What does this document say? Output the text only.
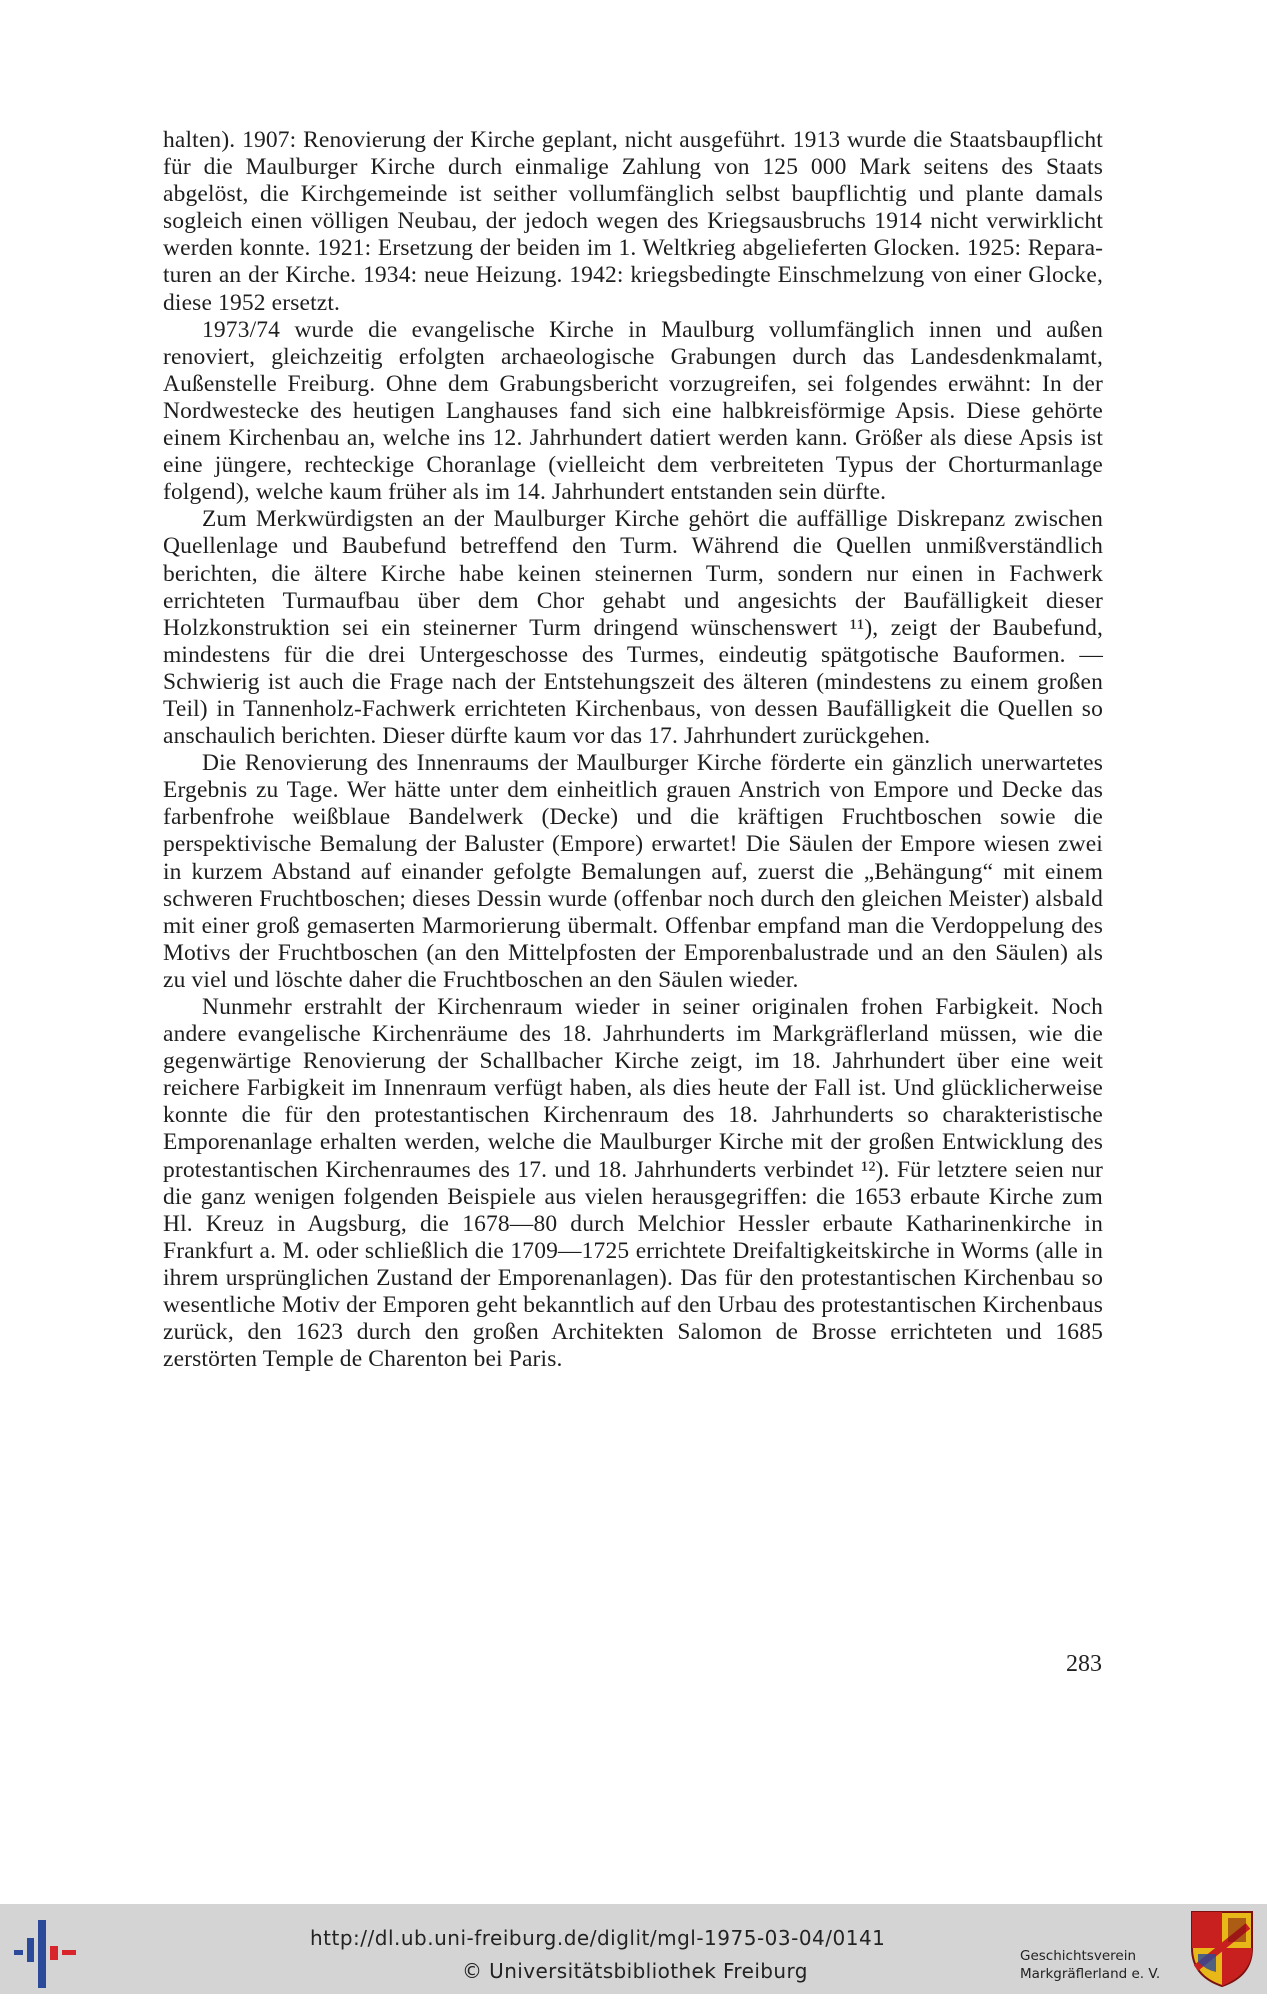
halten). 1907: Renovierung der Kirche geplant, nicht ausgeführt. 1913 wurde die Staatsbaupflicht für die Maulburger Kirche durch einmalige Zahlung von 125 000 Mark seitens des Staats abgelöst, die Kirchgemeinde ist seither vollumfänglich selbst baupflichtig und plante damals sogleich einen völligen Neubau, der jedoch wegen des Kriegsausbruchs 1914 nicht verwirklicht werden konnte. 1921: Ersetzung der beiden im 1. Weltkrieg abgelieferten Glocken. 1925: Reparaturen an der Kirche. 1934: neue Heizung. 1942: kriegsbedingte Einschmelzung von einer Glocke, diese 1952 ersetzt.

1973/74 wurde die evangelische Kirche in Maulburg vollumfänglich innen und außen renoviert, gleichzeitig erfolgten archaeologische Grabungen durch das Landesdenkmalamt, Außenstelle Freiburg. Ohne dem Grabungsbericht vorzugreifen, sei folgendes erwähnt: In der Nordwestecke des heutigen Langhauses fand sich eine halbkreisförmige Apsis. Diese gehörte einem Kirchenbau an, welche ins 12. Jahrhundert datiert werden kann. Größer als diese Apsis ist eine jüngere, rechteckige Choranlage (vielleicht dem verbreiteten Typus der Chorturmanlage folgend), welche kaum früher als im 14. Jahrhundert entstanden sein dürfte.

Zum Merkwürdigsten an der Maulburger Kirche gehört die auffällige Diskrepanz zwischen Quellenlage und Baubefund betreffend den Turm. Während die Quellen unmißverständlich berichten, die ältere Kirche habe keinen steinernen Turm, sondern nur einen in Fachwerk errichteten Turmaufbau über dem Chor gehabt und angesichts der Baufälligkeit dieser Holzkonstruktion sei ein steinerner Turm dringend wünschenswert ¹¹), zeigt der Baubefund, mindestens für die drei Untergeschosse des Turmes, eindeutig spätgotische Bauformen. — Schwierig ist auch die Frage nach der Entstehungszeit des älteren (mindestens zu einem großen Teil) in Tannenholz-Fachwerk errichteten Kirchenbaus, von dessen Baufälligkeit die Quellen so anschaulich berichten. Dieser dürfte kaum vor das 17. Jahrhundert zurückgehen.

Die Renovierung des Innenraums der Maulburger Kirche förderte ein gänzlich unerwartetes Ergebnis zu Tage. Wer hätte unter dem einheitlich grauen Anstrich von Empore und Decke das farbenfrohe weißblaue Bandelwerk (Decke) und die kräftigen Fruchtboschen sowie die perspektivische Bemalung der Baluster (Empore) erwartet! Die Säulen der Empore wiesen zwei in kurzem Abstand auf einander gefolgte Bemalungen auf, zuerst die „Behängung“ mit einem schweren Fruchtboschen; dieses Dessin wurde (offenbar noch durch den gleichen Meister) alsbald mit einer groß gemaserten Marmorierung übermalt. Offenbar empfand man die Verdoppelung des Motivs der Fruchtboschen (an den Mittelpfosten der Emporenbalustrade und an den Säulen) als zu viel und löschte daher die Fruchtboschen an den Säulen wieder.

Nunmehr erstrahlt der Kirchenraum wieder in seiner originalen frohen Farbigkeit. Noch andere evangelische Kirchenräume des 18. Jahrhunderts im Markgräflerland müssen, wie die gegenwärtige Renovierung der Schallbacher Kirche zeigt, im 18. Jahrhundert über eine weit reichere Farbigkeit im Innenraum verfügt haben, als dies heute der Fall ist. Und glücklicherweise konnte die für den protestantischen Kirchenraum des 18. Jahrhunderts so charakteristische Emporenanlage erhalten werden, welche die Maulburger Kirche mit der großen Entwicklung des protestantischen Kirchenraumes des 17. und 18. Jahrhunderts verbindet ¹²). Für letztere seien nur die ganz wenigen folgenden Beispiele aus vielen herausgegriffen: die 1653 erbaute Kirche zum Hl. Kreuz in Augsburg, die 1678—80 durch Melchior Hessler erbaute Katharinenkirche in Frankfurt a. M. oder schließlich die 1709—1725 errichtete Dreifaltigkeitskirche in Worms (alle in ihrem ursprünglichen Zustand der Emporenanlagen). Das für den protestantischen Kirchenbau so wesentliche Motiv der Emporen geht bekanntlich auf den Urbau des protestantischen Kirchenbaus zurück, den 1623 durch den großen Architekten Salomon de Brosse errichteten und 1685 zerstörten Temple de Charenton bei Paris.

283
http://dl.ub.uni-freiburg.de/diglit/mgl-1975-03-04/0141
© Universitätsbibliothek Freiburg
Geschichtsverein
Markgräflerland e. V.
